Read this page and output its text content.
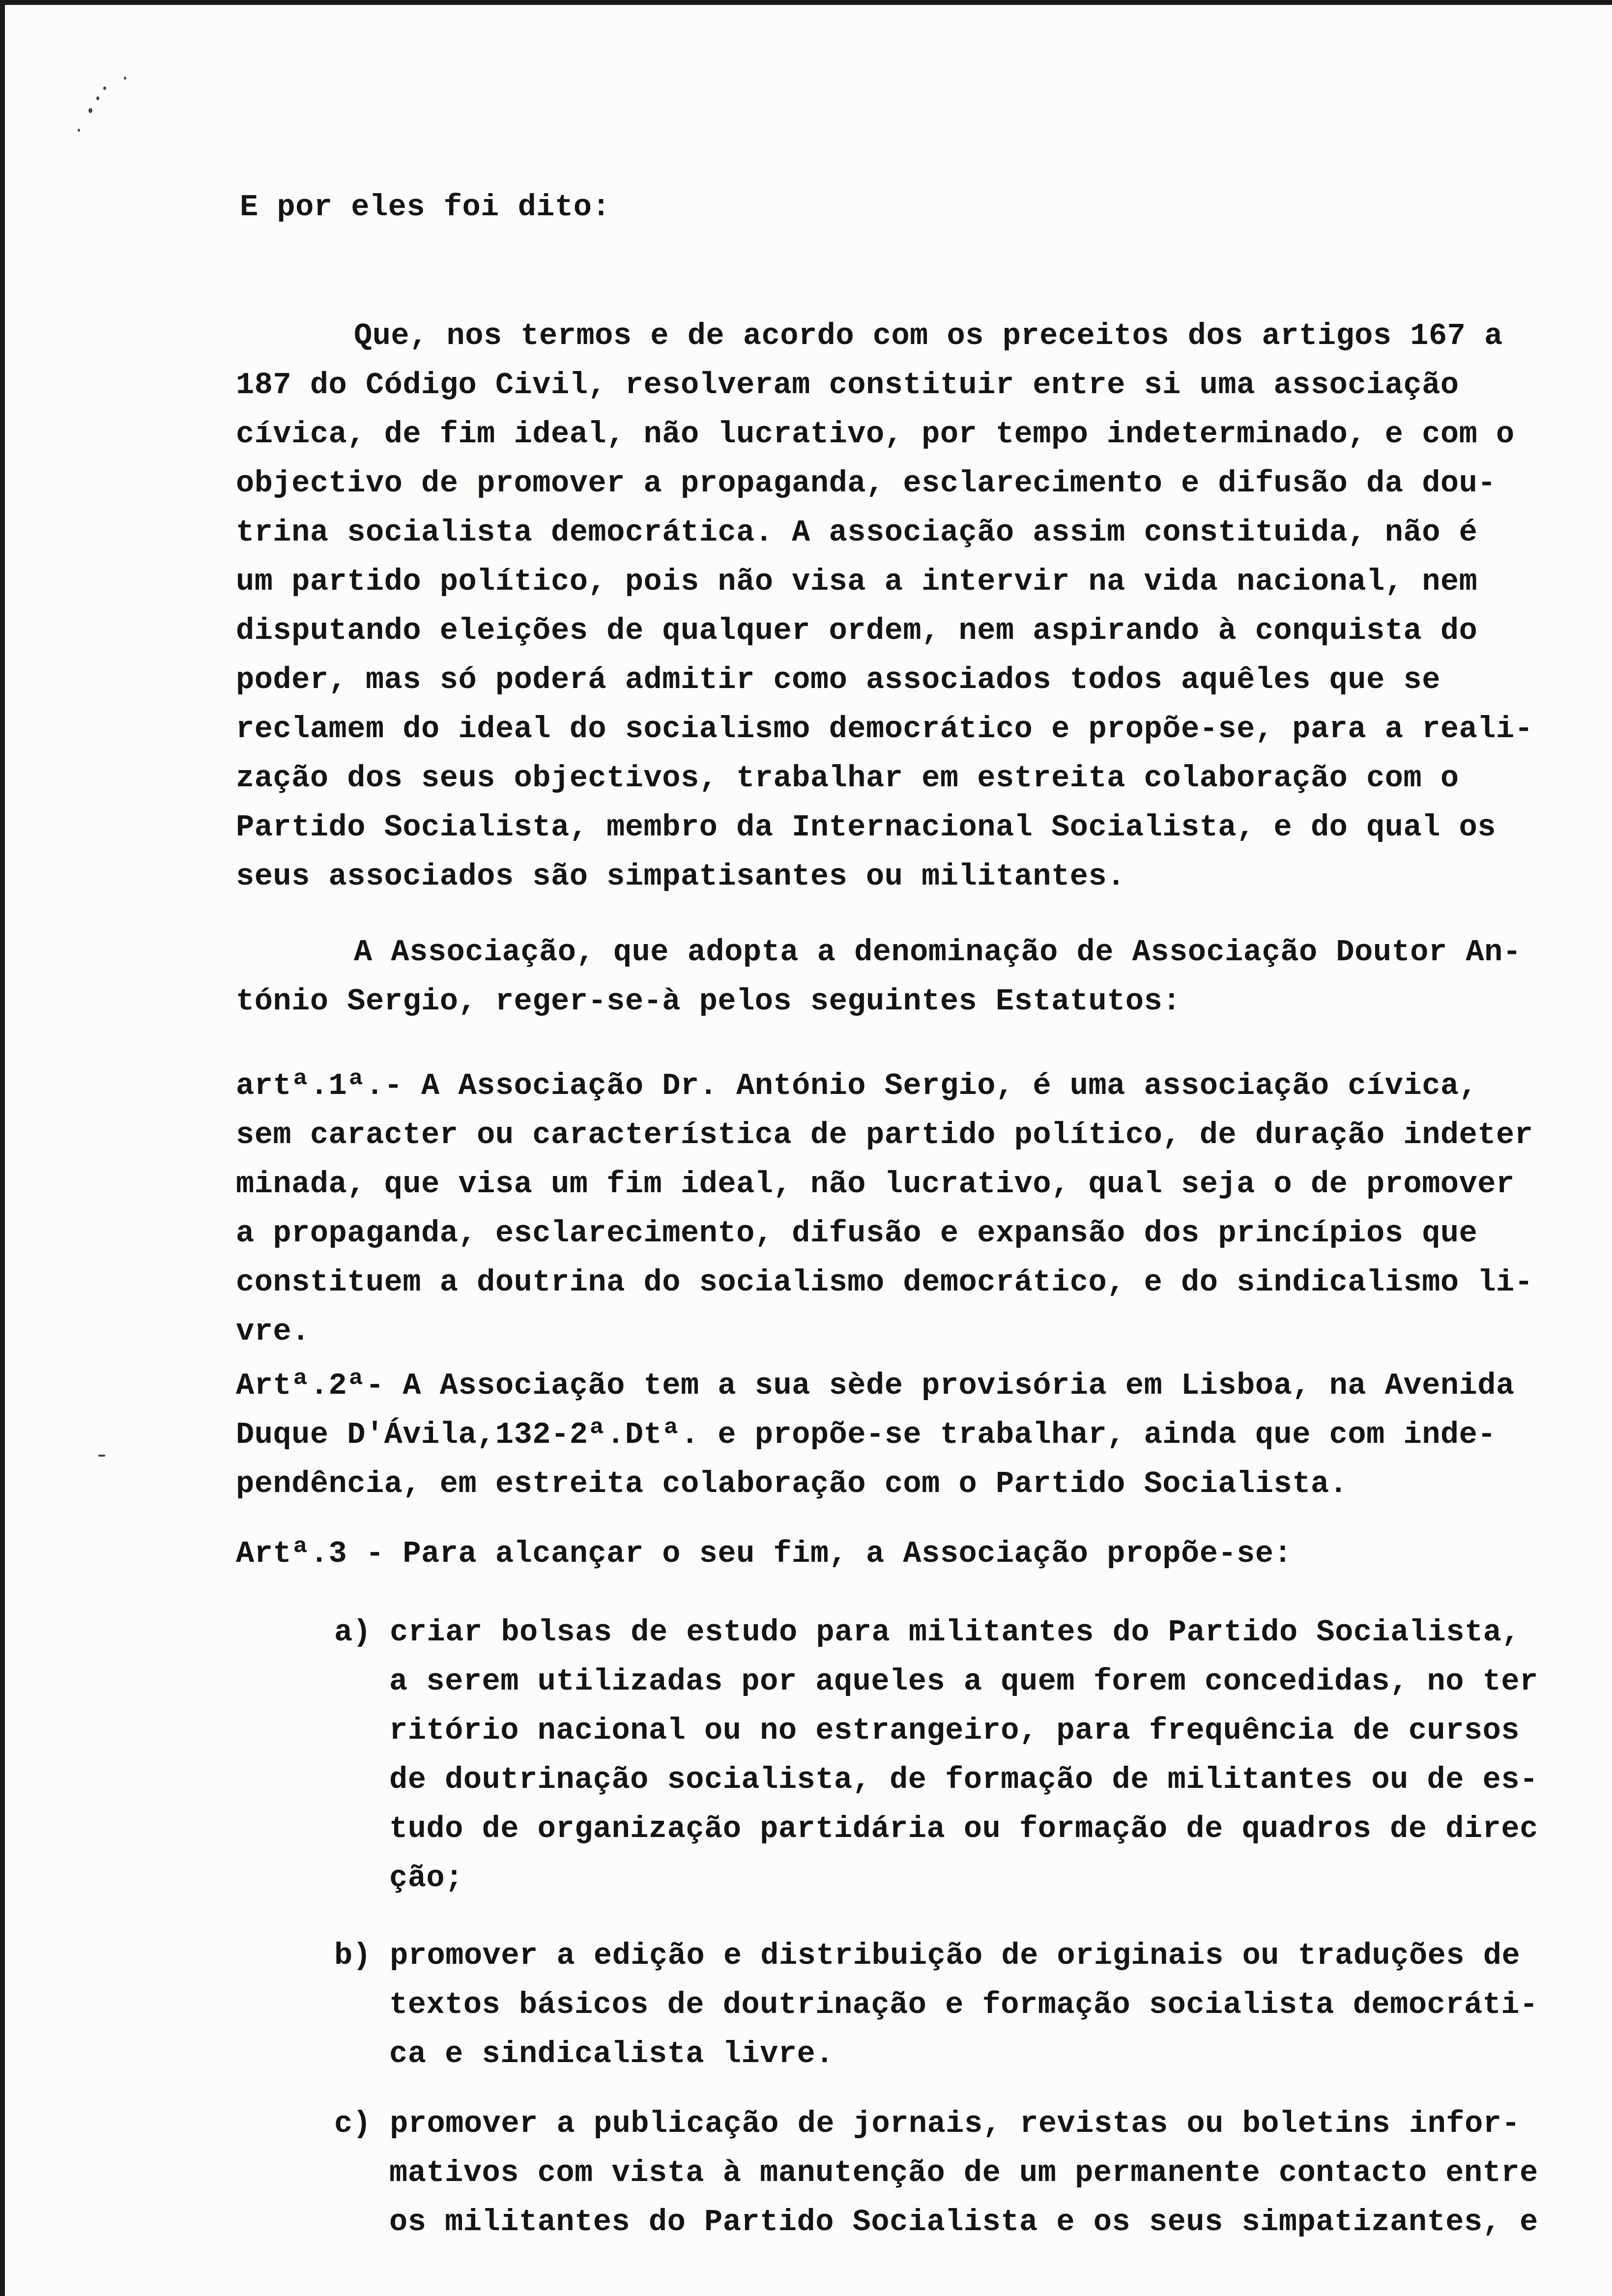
E por eles foi dito:
Que, nos termos e de acordo com os preceitos dos artigos 167 a
187 do Código Civil, resolveram constituir entre si uma associação
cívica, de fim ideal, não lucrativo, por tempo indeterminado, e com o
objectivo de promover a propaganda, esclarecimento e difusão da dou-
trina socialista democrática. A associação assim constituida, não é
um partido político, pois não visa a intervir na vida nacional, nem
disputando eleições de qualquer ordem, nem aspirando à conquista do
poder, mas só poderá admitir como associados todos aquêles que se
reclamem do ideal do socialismo democrático e propõe-se, para a reali-
zação dos seus objectivos, trabalhar em estreita colaboração com o
Partido Socialista, membro da Internacional Socialista, e do qual os
seus associados são simpatisantes ou militantes.
A Associação, que adopta a denominação de Associação Doutor An-
tónio Sergio, reger-se-à pelos seguintes Estatutos:
artª.1ª.- A Associação Dr. António Sergio, é uma associação cívica,
sem caracter ou característica de partido político, de duração indeter
minada, que visa um fim ideal, não lucrativo, qual seja o de promover
a propaganda, esclarecimento, difusão e expansão dos princípios que
constituem a doutrina do socialismo democrático, e do sindicalismo li-
vre.
Artª.2ª- A Associação tem a sua sède provisória em Lisboa, na Avenida
Duque D'Ávila,132-2ª.Dtª. e propõe-se trabalhar, ainda que com inde-
pendência, em estreita colaboração com o Partido Socialista.
Artª.3 - Para alcançar o seu fim, a Associação propõe-se:
a) criar bolsas de estudo para militantes do Partido Socialista,
a serem utilizadas por aqueles a quem forem concedidas, no ter
ritório nacional ou no estrangeiro, para frequência de cursos
de doutrinação socialista, de formação de militantes ou de es-
tudo de organização partidária ou formação de quadros de direc
ção;
b) promover a edição e distribuição de originais ou traduções de
textos básicos de doutrinação e formação socialista democráti-
ca e sindicalista livre.
c) promover a publicação de jornais, revistas ou boletins infor-
mativos com vista à manutenção de um permanente contacto entre
os militantes do Partido Socialista e os seus simpatizantes, e
